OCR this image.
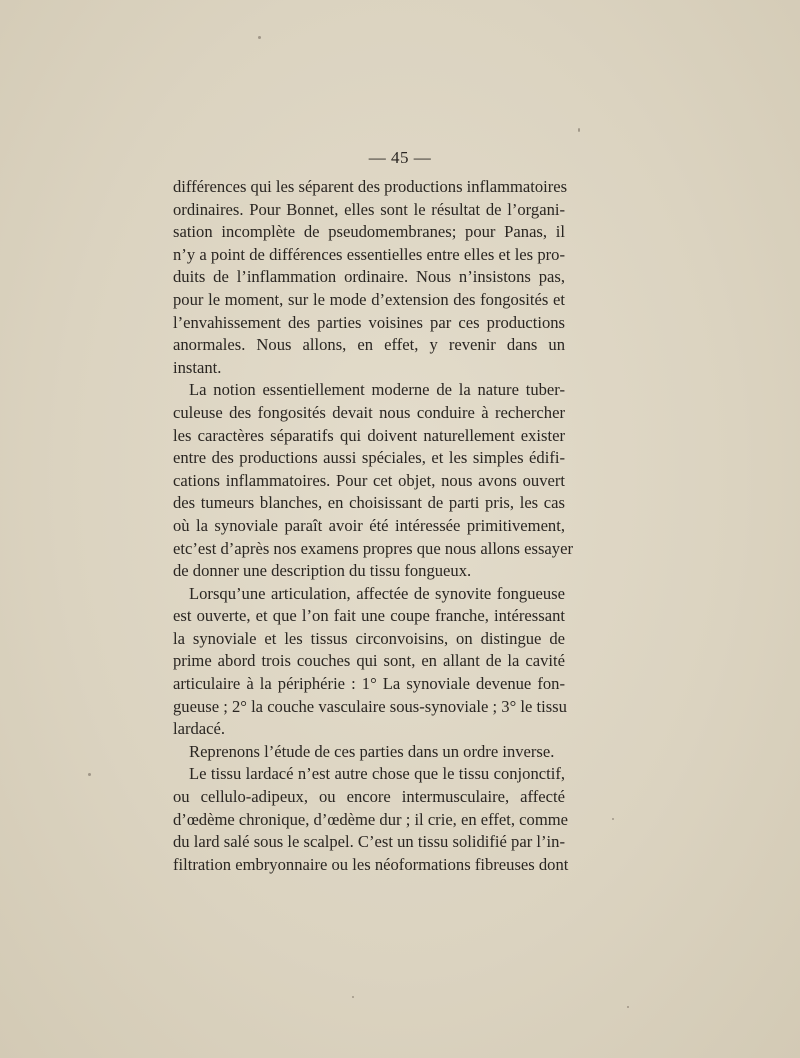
— 45 —
différences qui les séparent des productions inflammatoires
ordinaires. Pour Bonnet, elles sont le résultat de l’organi-
sation incomplète de pseudomembranes; pour Panas, il
n’y a point de différences essentielles entre elles et les pro-
duits de l’inflammation ordinaire. Nous n’insistons pas,
pour le moment, sur le mode d’extension des fongosités et
l’envahissement des parties voisines par ces productions
anormales. Nous allons, en effet, y revenir dans un
instant.
La notion essentiellement moderne de la nature tuber-
culeuse des fongosités devait nous conduire à rechercher
les caractères séparatifs qui doivent naturellement exister
entre des productions aussi spéciales, et les simples édifi-
cations inflammatoires. Pour cet objet, nous avons ouvert
des tumeurs blanches, en choisissant de parti pris, les cas
où la synoviale paraît avoir été intéressée primitivement,
etc’est d’après nos examens propres que nous allons essayer
de donner une description du tissu fongueux.
Lorsqu’une articulation, affectée de synovite fongueuse
est ouverte, et que l’on fait une coupe franche, intéressant
la synoviale et les tissus circonvoisins, on distingue de
prime abord trois couches qui sont, en allant de la cavité
articulaire à la périphérie : 1° La synoviale devenue fon-
gueuse ; 2° la couche vasculaire sous-synoviale ; 3° le tissu
lardacé.
Reprenons l’étude de ces parties dans un ordre inverse.
Le tissu lardacé n’est autre chose que le tissu conjonctif,
ou cellulo-adipeux, ou encore intermusculaire, affecté
d’œdème chronique, d’œdème dur ; il crie, en effet, comme
du lard salé sous le scalpel. C’est un tissu solidifié par l’in-
filtration embryonnaire ou les néoformations fibreuses dont
